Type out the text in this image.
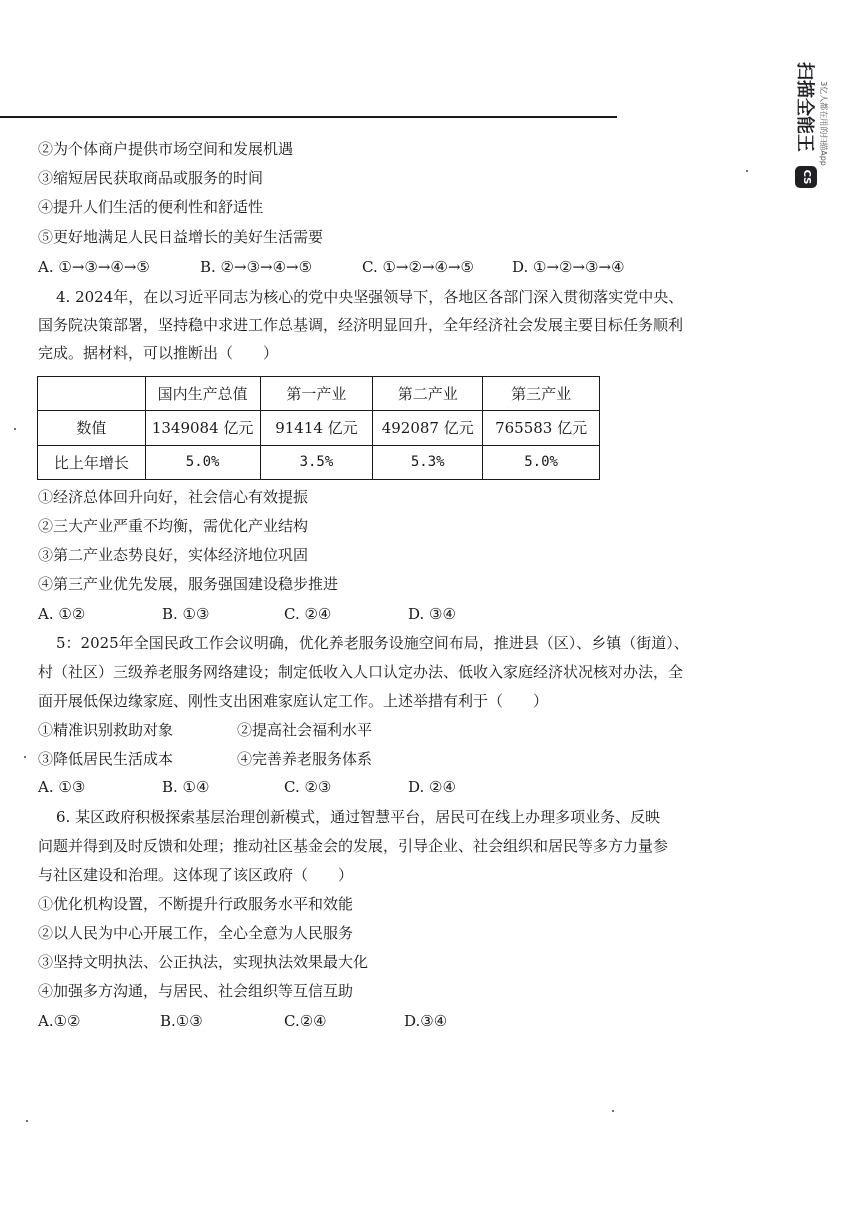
扫描全能王 3亿人都在用的扫描App
CS
②为个体商户提供市场空间和发展机遇
③缩短居民获取商品或服务的时间
④提升人们生活的便利性和舒适性
⑤更好地满足人民日益增长的美好生活需要
A. ①→③→④→⑤	B. ②→③→④→⑤	C. ①→②→④→⑤	D. ①→②→③→④
4. 2024年，在以习近平同志为核心的党中央坚强领导下，各地区各部门深入贯彻落实党中央、
国务院决策部署，坚持稳中求进工作总基调，经济明显回升，全年经济社会发展主要目标任务顺利
完成。据材料，可以推断出（　　）
	国内生产总值	第一产业	第二产业	第三产业
数值	1349084 亿元	91414 亿元	492087 亿元	765583 亿元
比上年增长	5.0%	3.5%	5.3%	5.0%
①经济总体回升向好，社会信心有效提振
②三大产业严重不均衡，需优化产业结构
③第二产业态势良好，实体经济地位巩固
④第三产业优先发展，服务强国建设稳步推进
A. ①②	B. ①③	C. ②④	D. ③④
5：2025年全国民政工作会议明确，优化养老服务设施空间布局，推进县（区）、乡镇（街道）、
村（社区）三级养老服务网络建设；制定低收入人口认定办法、低收入家庭经济状况核对办法，全
面开展低保边缘家庭、刚性支出困难家庭认定工作。上述举措有利于（　　）
①精准识别救助对象	②提高社会福利水平
③降低居民生活成本	④完善养老服务体系
A. ①③	B. ①④	C. ②③	D. ②④
6. 某区政府积极探索基层治理创新模式，通过智慧平台，居民可在线上办理多项业务、反映
问题并得到及时反馈和处理；推动社区基金会的发展，引导企业、社会组织和居民等多方力量参
与社区建设和治理。这体现了该区政府（　　）
①优化机构设置，不断提升行政服务水平和效能
②以人民为中心开展工作，全心全意为人民服务
③坚持文明执法、公正执法，实现执法效果最大化
④加强多方沟通，与居民、社会组织等互信互助
A.①②	B.①③	C.②④	D.③④
